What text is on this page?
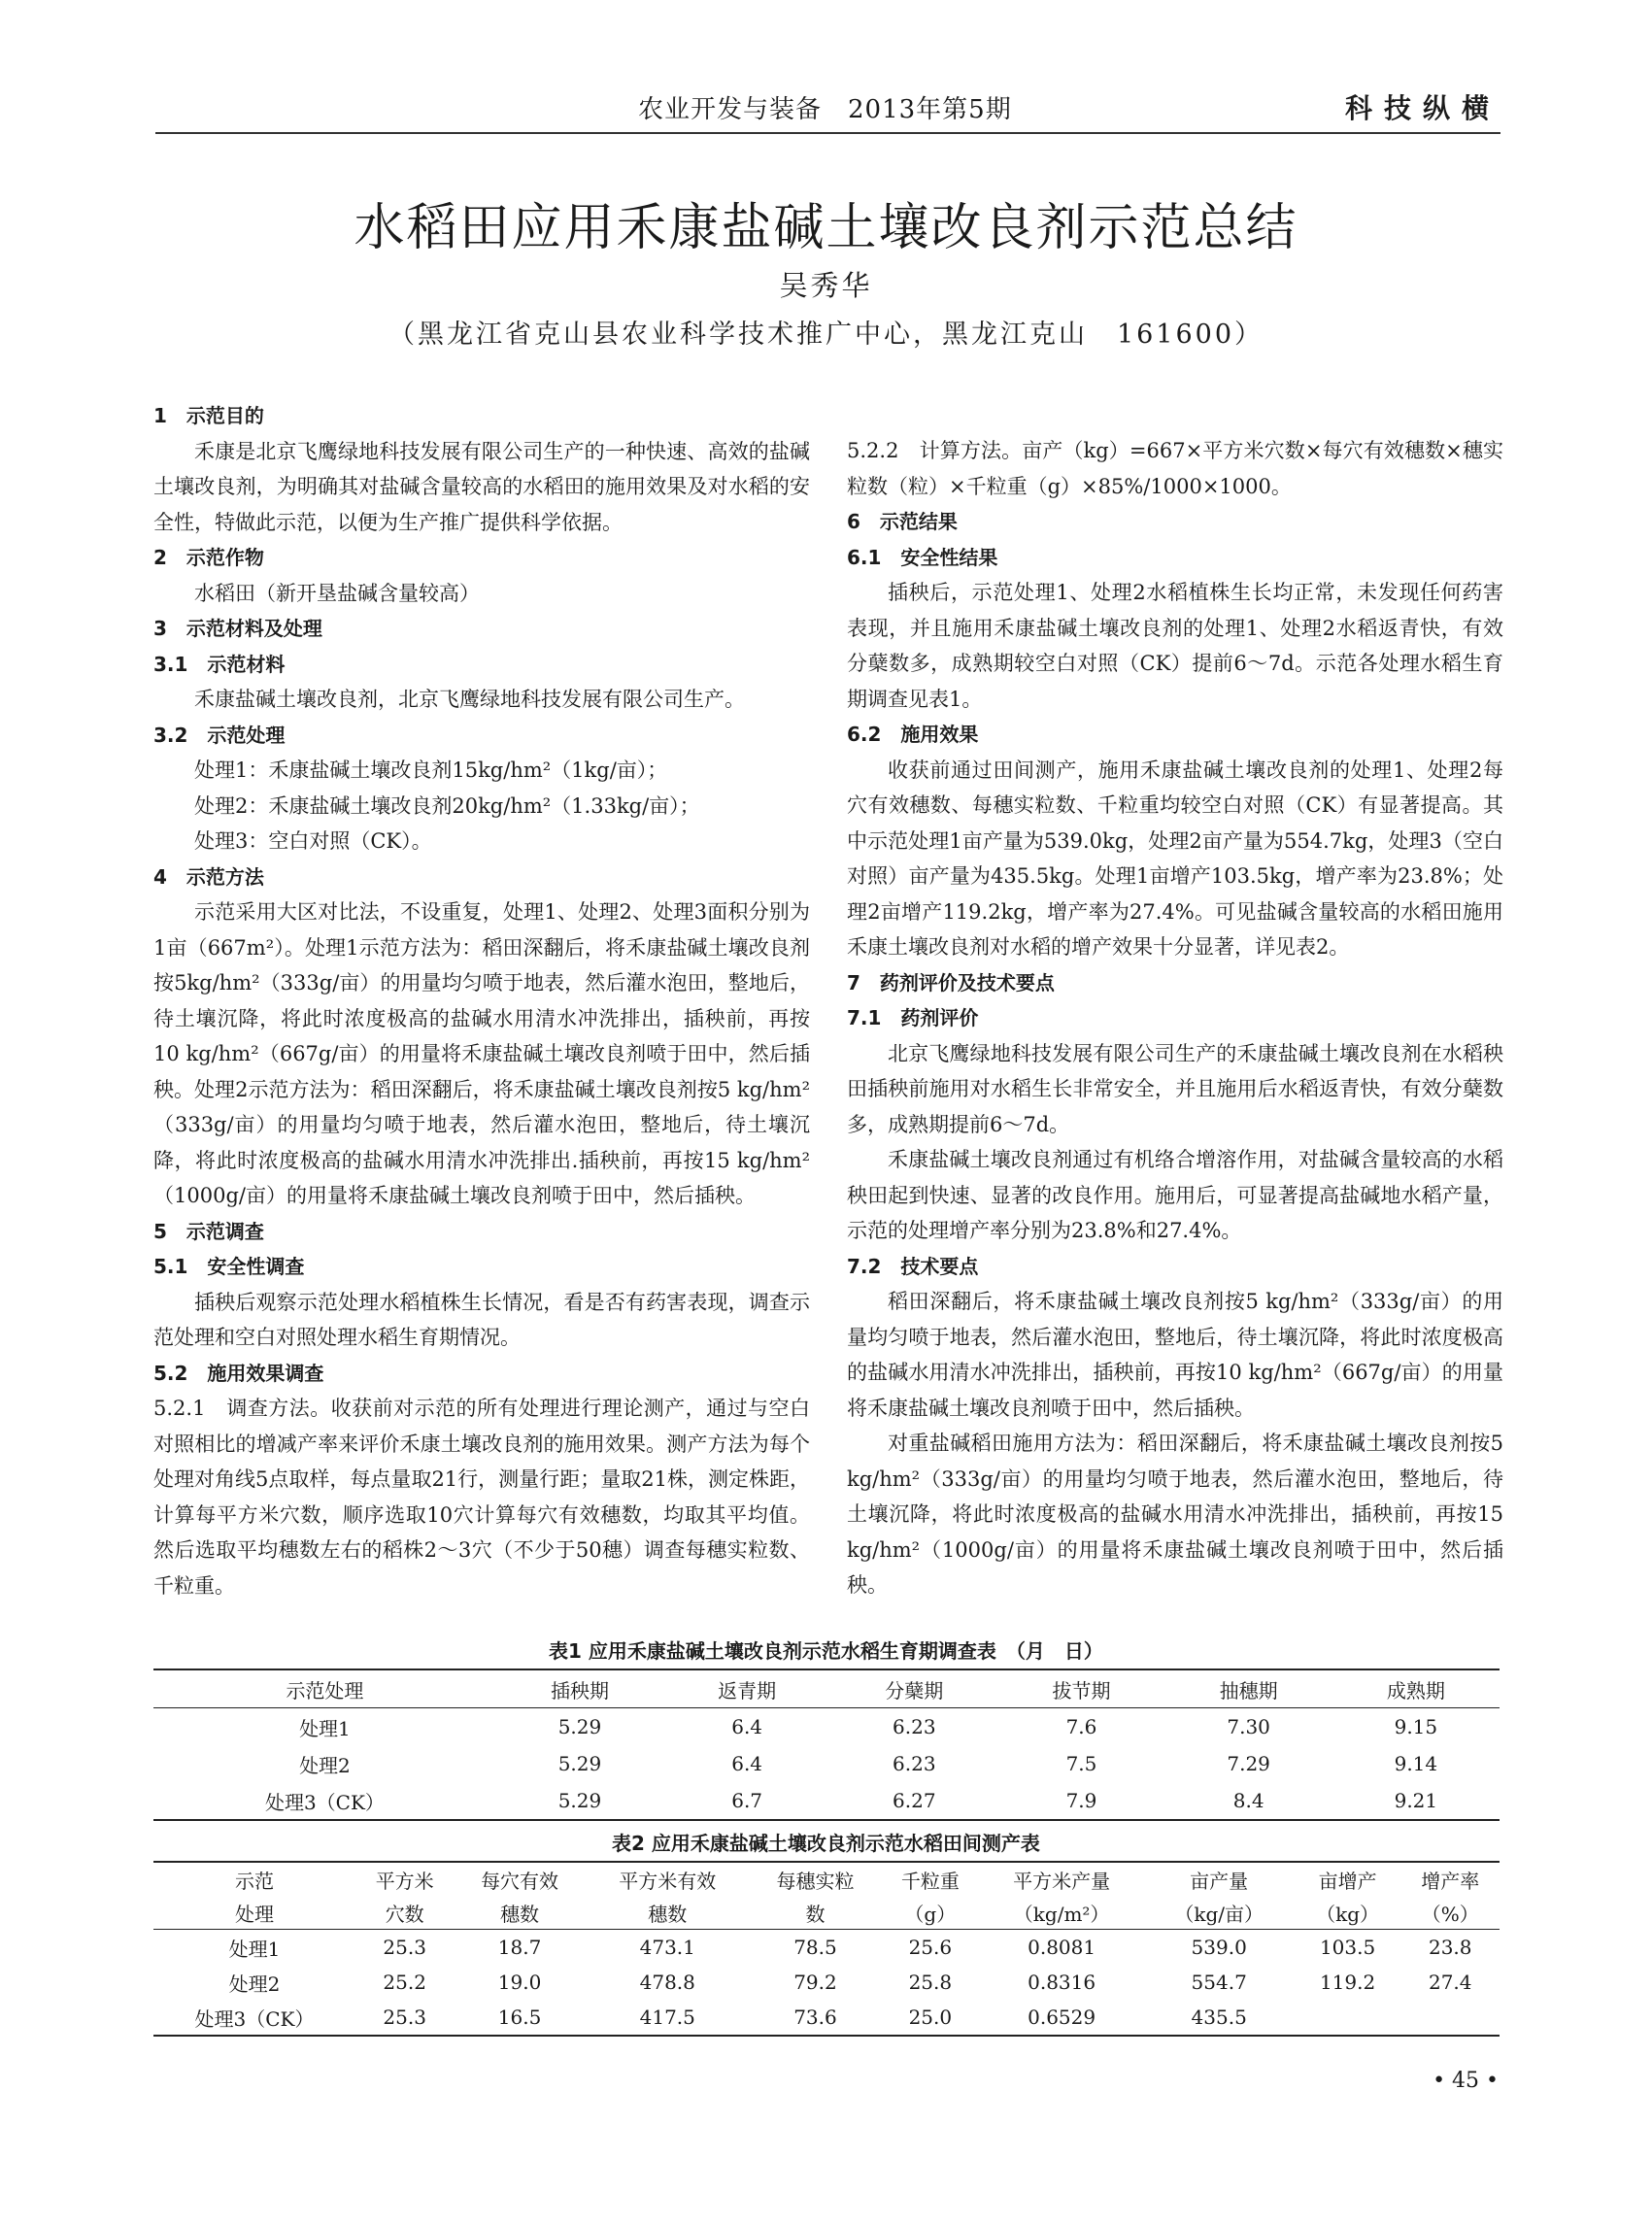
农业开发与装备　2013年第5期	科技纵横
水稻田应用禾康盐碱土壤改良剂示范总结
吴秀华
（黑龙江省克山县农业科学技术推广中心，黑龙江克山　161600）
1　示范目的

禾康是北京飞鹰绿地科技发展有限公司生产的一种快速、高效的盐碱土壤改良剂，为明确其对盐碱含量较高的水稻田的施用效果及对水稻的安全性，特做此示范，以便为生产推广提供科学依据。

2　示范作物

水稻田（新开垦盐碱含量较高）

3　示范材料及处理
3.1　示范材料

禾康盐碱土壤改良剂，北京飞鹰绿地科技发展有限公司生产。

3.2　示范处理
处理1：禾康盐碱土壤改良剂15kg/hm²（1kg/亩）；
处理2：禾康盐碱土壤改良剂20kg/hm²（1.33kg/亩）；
处理3：空白对照（CK）。
4　示范方法

示范采用大区对比法，不设重复，处理1、处理2、处理3面积分别为1亩（667m²）。处理1示范方法为：稻田深翻后，将禾康盐碱土壤改良剂按5kg/hm²（333g/亩）的用量均匀喷于地表，然后灌水泡田，整地后，待土壤沉降，将此时浓度极高的盐碱水用清水冲洗排出，插秧前，再按10 kg/hm²（667g/亩）的用量将禾康盐碱土壤改良剂喷于田中，然后插秧。处理2示范方法为：稻田深翻后，将禾康盐碱土壤改良剂按5 kg/hm²（333g/亩）的用量均匀喷于地表，然后灌水泡田，整地后，待土壤沉降，将此时浓度极高的盐碱水用清水冲洗排出.插秧前，再按15 kg/hm²（1000g/亩）的用量将禾康盐碱土壤改良剂喷于田中，然后插秧。

5　示范调查
5.1　安全性调查

插秧后观察示范处理水稻植株生长情况，看是否有药害表现，调查示范处理和空白对照处理水稻生育期情况。

5.2　施用效果调查

5.2.1　调查方法。收获前对示范的所有处理进行理论测产，通过与空白对照相比的增减产率来评价禾康土壤改良剂的施用效果。测产方法为每个处理对角线5点取样，每点量取21行，测量行距；量取21株，测定株距，计算每平方米穴数，顺序选取10穴计算每穴有效穗数，均取其平均值。然后选取平均穗数左右的稻株2～3穴（不少于50穗）调查每穗实粒数、千粒重。

5.2.2　计算方法。亩产（kg）=667×平方米穴数×每穴有效穗数×穗实粒数（粒）×千粒重（g）×85%/1000×1000。

6　示范结果
6.1　安全性结果

插秧后，示范处理1、处理2水稻植株生长均正常，未发现任何药害表现，并且施用禾康盐碱土壤改良剂的处理1、处理2水稻返青快，有效分蘖数多，成熟期较空白对照（CK）提前6～7d。示范各处理水稻生育期调查见表1。

6.2　施用效果

收获前通过田间测产，施用禾康盐碱土壤改良剂的处理1、处理2每穴有效穗数、每穗实粒数、千粒重均较空白对照（CK）有显著提高。其中示范处理1亩产量为539.0kg，处理2亩产量为554.7kg，处理3（空白对照）亩产量为435.5kg。处理1亩增产103.5kg，增产率为23.8%；处理2亩增产119.2kg，增产率为27.4%。可见盐碱含量较高的水稻田施用禾康土壤改良剂对水稻的增产效果十分显著，详见表2。

7　药剂评价及技术要点
7.1　药剂评价

北京飞鹰绿地科技发展有限公司生产的禾康盐碱土壤改良剂在水稻秧田插秧前施用对水稻生长非常安全，并且施用后水稻返青快，有效分蘖数多，成熟期提前6～7d。

禾康盐碱土壤改良剂通过有机络合增溶作用，对盐碱含量较高的水稻秧田起到快速、显著的改良作用。施用后，可显著提高盐碱地水稻产量，示范的处理增产率分别为23.8%和27.4%。

7.2　技术要点

稻田深翻后，将禾康盐碱土壤改良剂按5 kg/hm²（333g/亩）的用量均匀喷于地表，然后灌水泡田，整地后，待土壤沉降，将此时浓度极高的盐碱水用清水冲洗排出，插秧前，再按10 kg/hm²（667g/亩）的用量将禾康盐碱土壤改良剂喷于田中，然后插秧。

对重盐碱稻田施用方法为：稻田深翻后，将禾康盐碱土壤改良剂按5 kg/hm²（333g/亩）的用量均匀喷于地表，然后灌水泡田，整地后，待土壤沉降，将此时浓度极高的盐碱水用清水冲洗排出，插秧前，再按15 kg/hm²（1000g/亩）的用量将禾康盐碱土壤改良剂喷于田中，然后插秧。

表1 应用禾康盐碱土壤改良剂示范水稻生育期调查表　（月　日）
示范处理	插秧期	返青期	分蘖期	拔节期	抽穗期	成熟期
处理1	5.29	6.4	6.23	7.6	7.30	9.15
处理2	5.29	6.4	6.23	7.5	7.29	9.14
处理3（CK）	5.29	6.7	6.27	7.9	8.4	9.21
表2 应用禾康盐碱土壤改良剂示范水稻田间测产表
示范	平方米	每穴有效	平方米有效	每穗实粒	千粒重	平方米产量	亩产量	亩增产	增产率
处理	穴数	穗数	穗数	数	（g）	（kg/m²）	（kg/亩）	（kg）	（%）
处理1	25.3	18.7	473.1	78.5	25.6	0.8081	539.0	103.5	23.8
处理2	25.2	19.0	478.8	79.2	25.8	0.8316	554.7	119.2	27.4
处理3（CK）	25.3	16.5	417.5	73.6	25.0	0.6529	435.5		
• 45 •
